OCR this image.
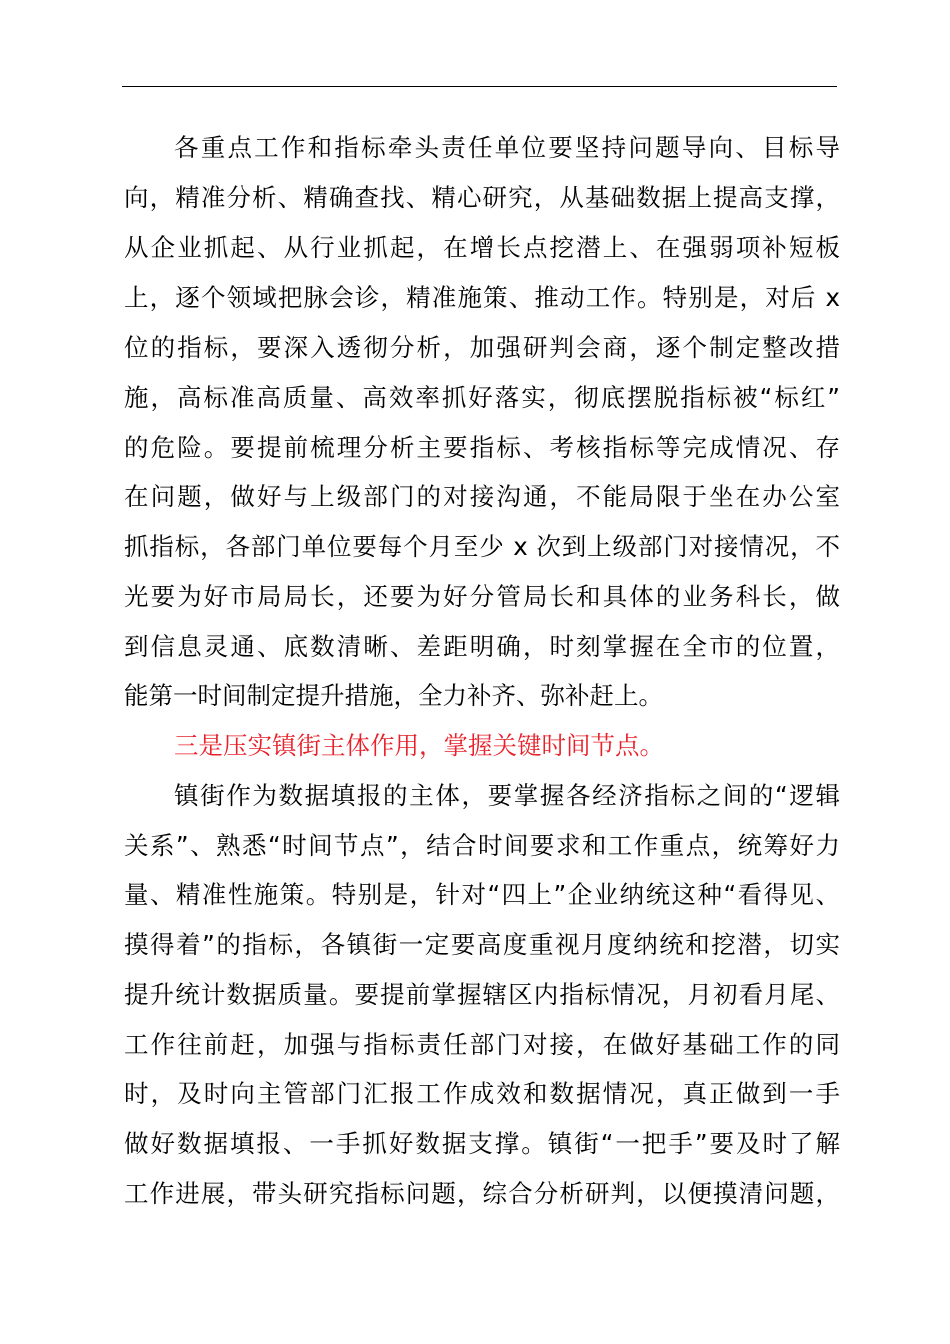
各重点工作和指标牵头责任单位要坚持问题导向、目标导
向，精准分析、精确查找、精心研究，从基础数据上提高支撑，
从企业抓起、从行业抓起，在增长点挖潜上、在强弱项补短板
上，逐个领域把脉会诊，精准施策、推动工作。特别是，对后 x
位的指标，要深入透彻分析，加强研判会商，逐个制定整改措
施，高标准高质量、高效率抓好落实，彻底摆脱指标被“标红”
的危险。要提前梳理分析主要指标、考核指标等完成情况、存
在问题，做好与上级部门的对接沟通，不能局限于坐在办公室
抓指标，各部门单位要每个月至少 x 次到上级部门对接情况，不
光要为好市局局长，还要为好分管局长和具体的业务科长，做
到信息灵通、底数清晰、差距明确，时刻掌握在全市的位置，
能第一时间制定提升措施，全力补齐、弥补赶上。
三是压实镇街主体作用，掌握关键时间节点。
镇街作为数据填报的主体，要掌握各经济指标之间的“逻辑
关系”、熟悉“时间节点”，结合时间要求和工作重点，统筹好力
量、精准性施策。特别是，针对“四上”企业纳统这种“看得见、
摸得着”的指标，各镇街一定要高度重视月度纳统和挖潜，切实
提升统计数据质量。要提前掌握辖区内指标情况，月初看月尾、
工作往前赶，加强与指标责任部门对接，在做好基础工作的同
时，及时向主管部门汇报工作成效和数据情况，真正做到一手
做好数据填报、一手抓好数据支撑。镇街“一把手”要及时了解
工作进展，带头研究指标问题，综合分析研判，以便摸清问题，
